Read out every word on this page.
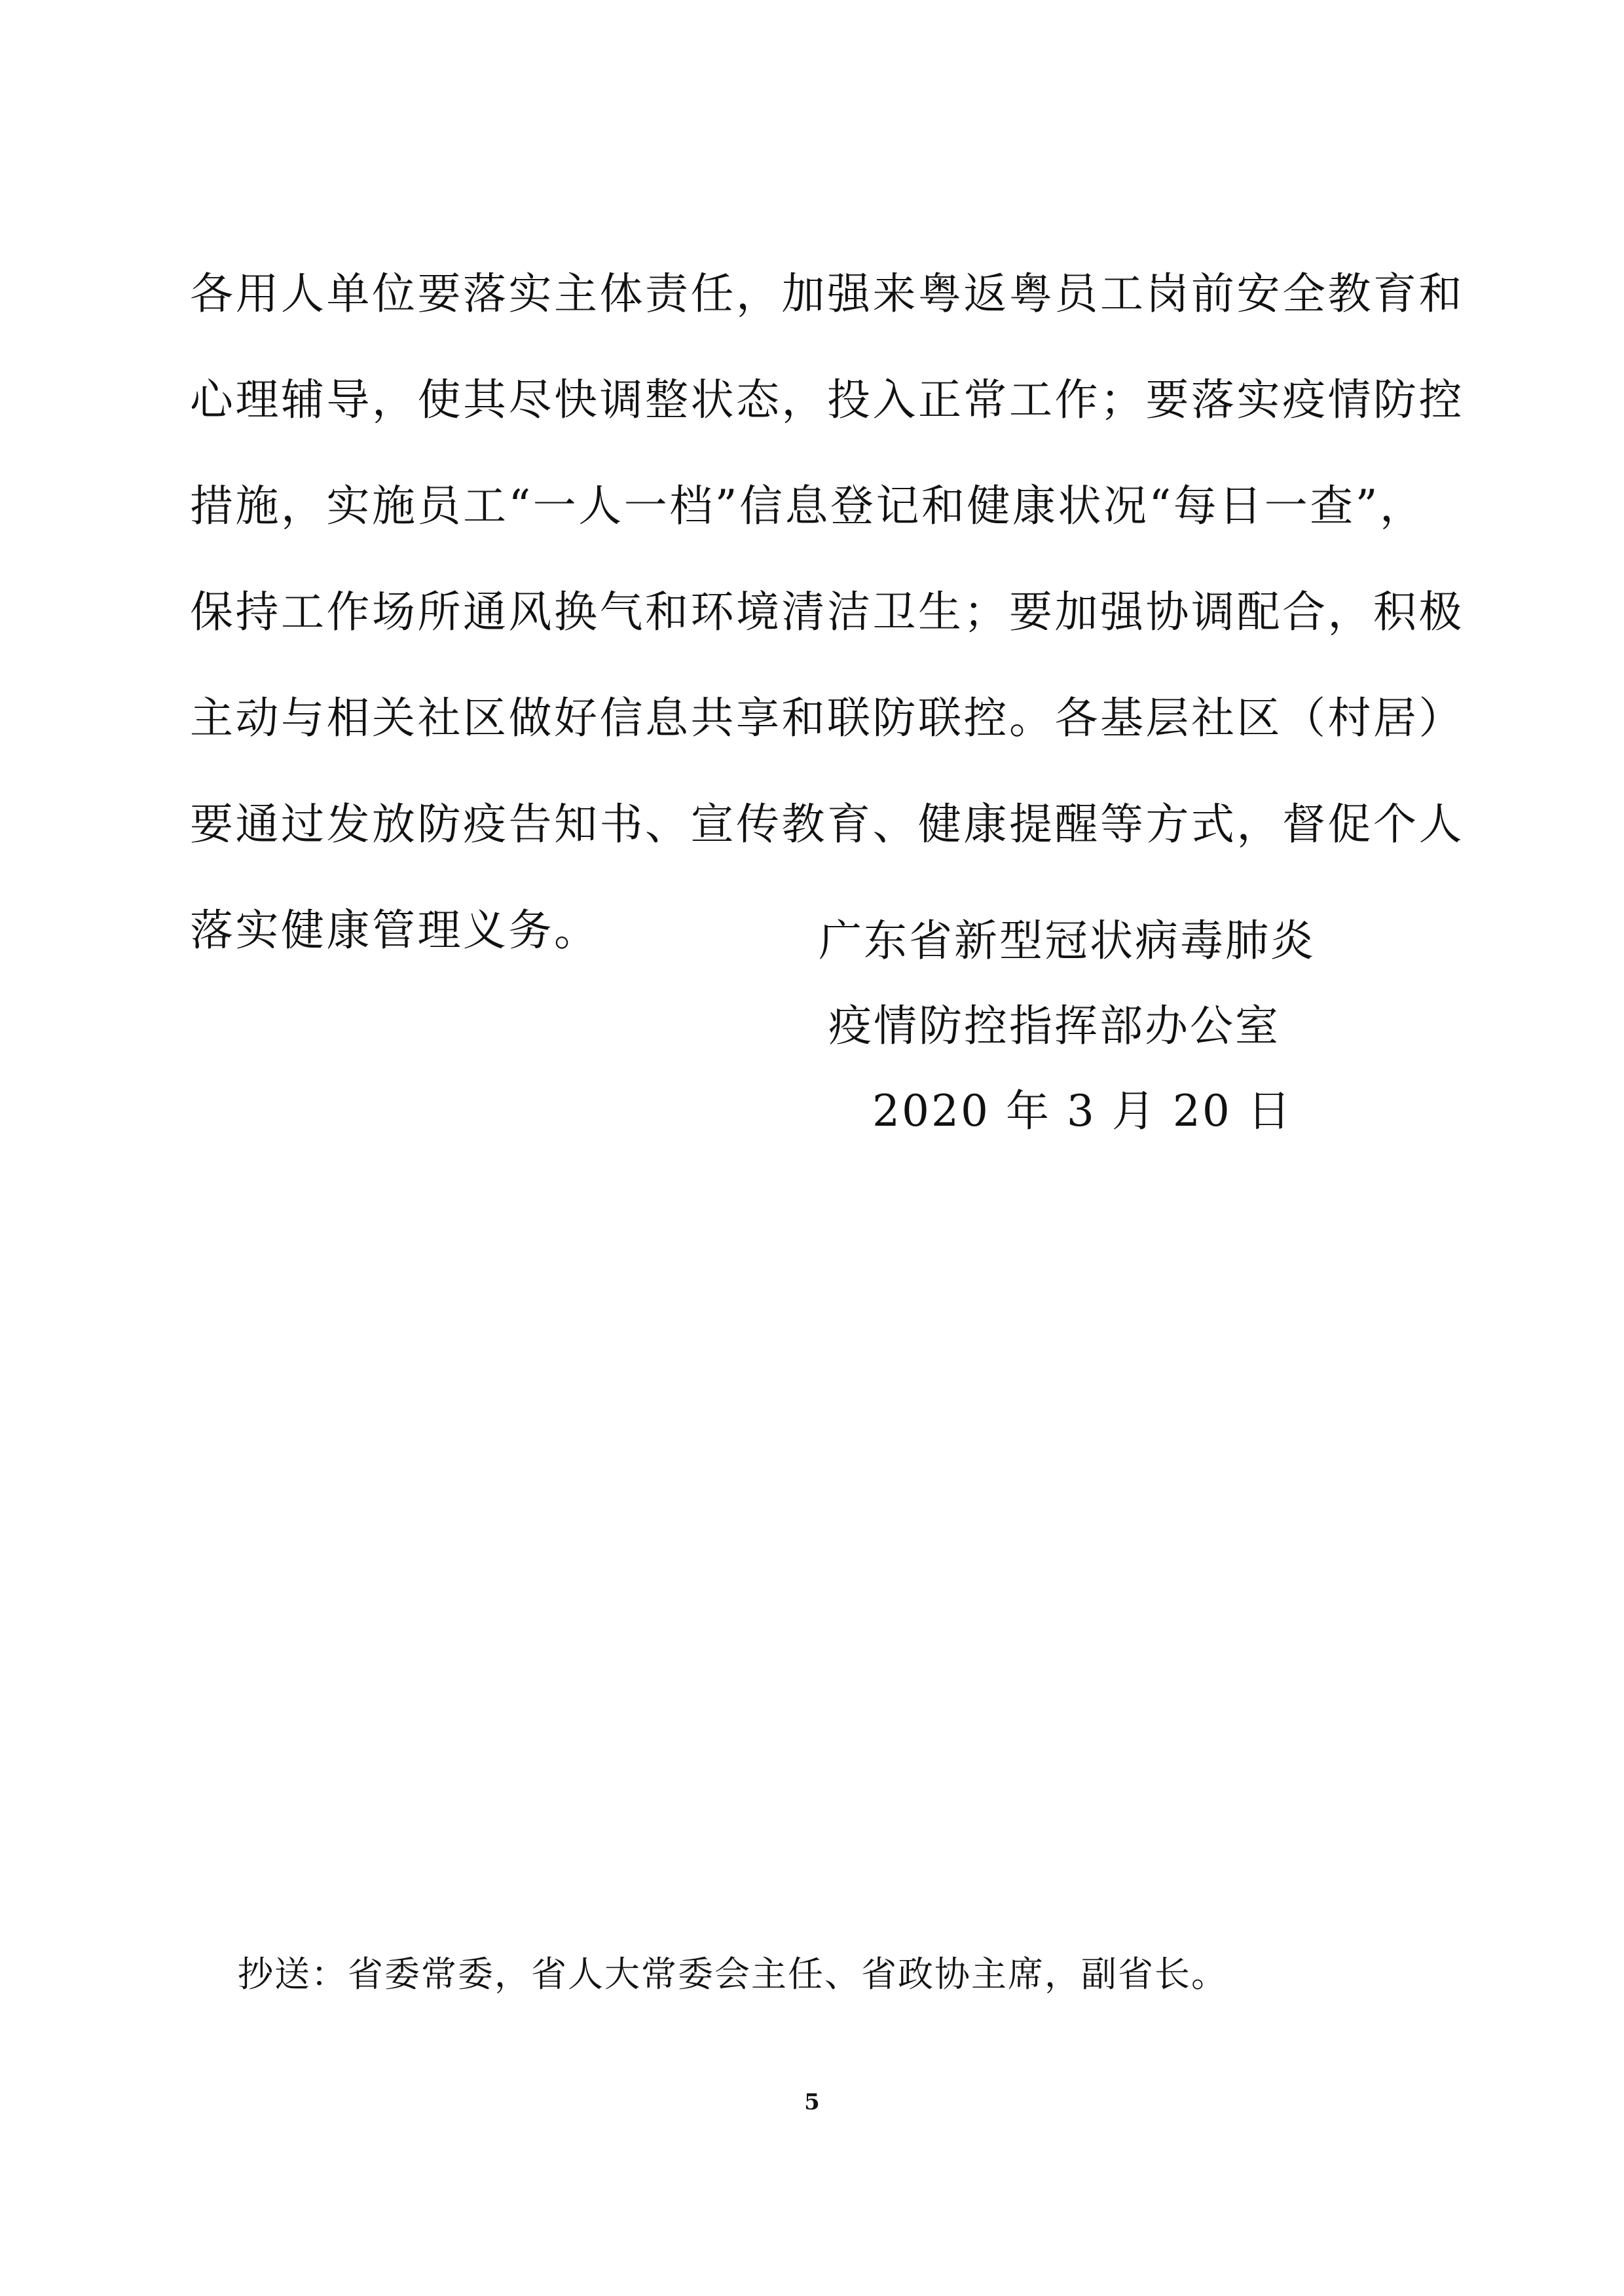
各用人单位要落实主体责任，加强来粤返粤员工岗前安全教育和
心理辅导，使其尽快调整状态，投入正常工作；要落实疫情防控
措施，实施员工“一人一档”信息登记和健康状况“每日一查”，
保持工作场所通风换气和环境清洁卫生；要加强协调配合，积极
主动与相关社区做好信息共享和联防联控。各基层社区（村居）
要通过发放防疫告知书、宣传教育、健康提醒等方式，督促个人
落实健康管理义务。	广东省新型冠状病毒肺炎
疫情防控指挥部办公室
2020 年 3 月 20 日
抄送：省委常委，省人大常委会主任、省政协主席，副省长。
5
